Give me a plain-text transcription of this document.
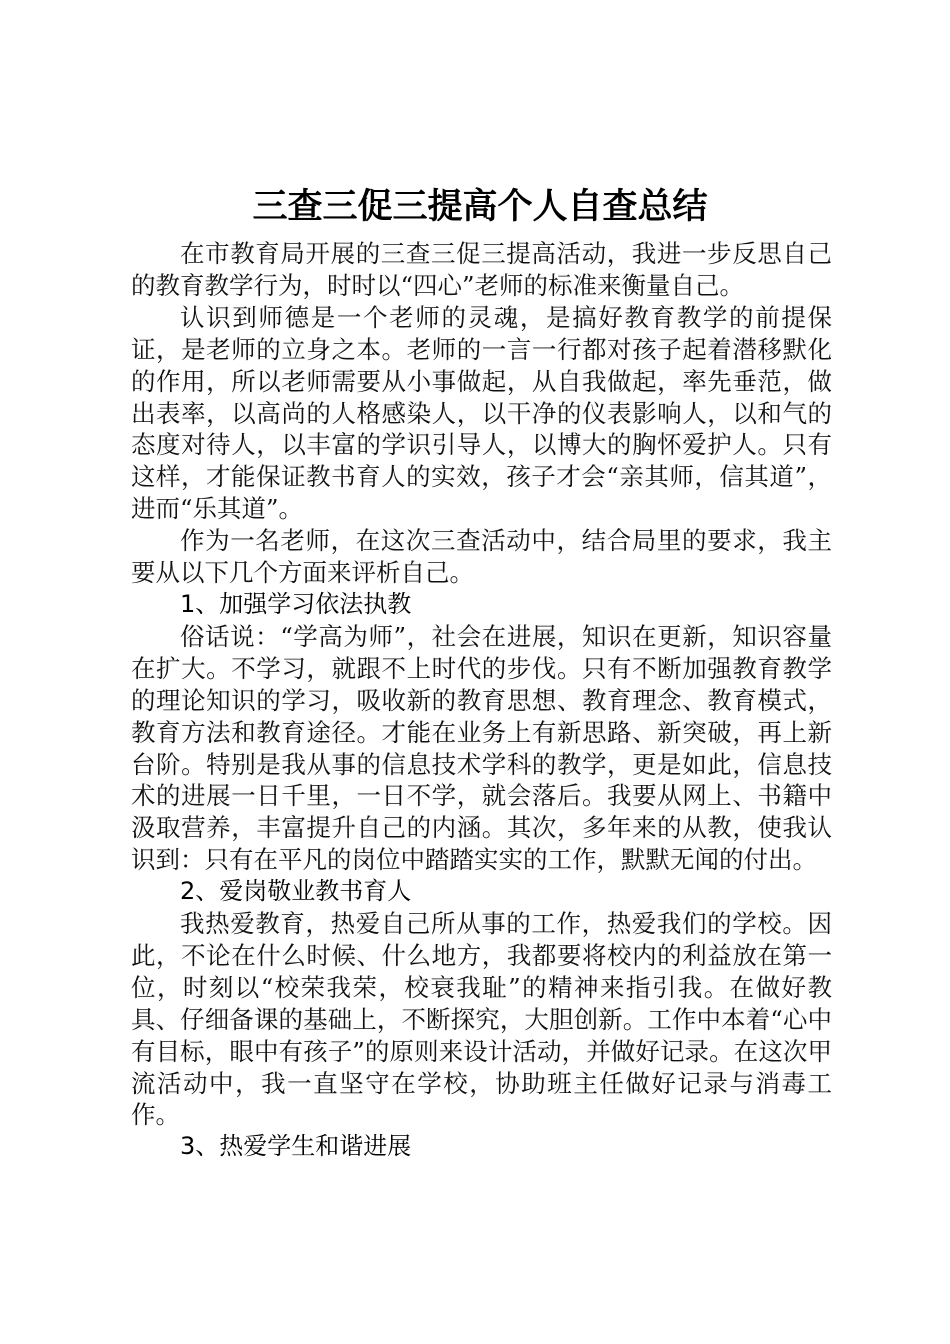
三查三促三提高个人自查总结

在市教育局开展的三查三促三提高活动，我进一步反思自己的教育教学行为，时时以“四心”老师的标准来衡量自己。

认识到师德是一个老师的灵魂，是搞好教育教学的前提保证，是老师的立身之本。老师的一言一行都对孩子起着潜移默化的作用，所以老师需要从小事做起，从自我做起，率先垂范，做出表率，以高尚的人格感染人，以干净的仪表影响人，以和气的态度对待人，以丰富的学识引导人，以博大的胸怀爱护人。只有这样，才能保证教书育人的实效，孩子才会“亲其师，信其道”，进而“乐其道”。

作为一名老师，在这次三查活动中，结合局里的要求，我主要从以下几个方面来评析自己。

1、加强学习依法执教

俗话说：“学高为师”，社会在进展，知识在更新，知识容量在扩大。不学习，就跟不上时代的步伐。只有不断加强教育教学的理论知识的学习，吸收新的教育思想、教育理念、教育模式，教育方法和教育途径。才能在业务上有新思路、新突破，再上新台阶。特别是我从事的信息技术学科的教学，更是如此，信息技术的进展一日千里，一日不学，就会落后。我要从网上、书籍中汲取营养，丰富提升自己的内涵。其次，多年来的从教，使我认识到：只有在平凡的岗位中踏踏实实的工作，默默无闻的付出。

2、爱岗敬业教书育人

我热爱教育，热爱自己所从事的工作，热爱我们的学校。因此，不论在什么时候、什么地方，我都要将校内的利益放在第一位，时刻以“校荣我荣，校衰我耻”的精神来指引我。在做好教具、仔细备课的基础上，不断探究，大胆创新。工作中本着“心中有目标，眼中有孩子”的原则来设计活动，并做好记录。在这次甲流活动中，我一直坚守在学校，协助班主任做好记录与消毒工作。

3、热爱学生和谐进展
